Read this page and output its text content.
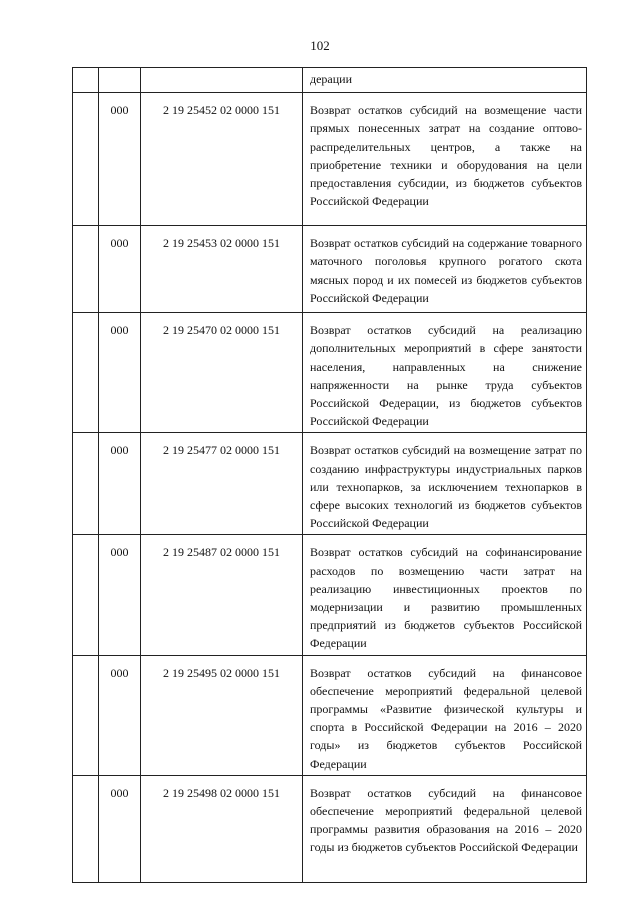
102

			дерации

	000	2 19 25452 02 0000 151	Возврат остатков субсидий на возмещение части прямых понесенных затрат на создание оптово-распределительных центров, а также на приобретение техники и оборудования на цели предоставления субсидии, из бюджетов субъектов Российской Федерации

	000	2 19 25453 02 0000 151	Возврат остатков субсидий на содержание товарного маточного поголовья крупного рогатого скота мясных пород и их помесей из бюджетов субъектов Российской Федерации

	000	2 19 25470 02 0000 151	Возврат остатков субсидий на реализацию дополнительных мероприятий в сфере занятости населения, направленных на снижение напряженности на рынке труда субъектов Российской Федерации, из бюджетов субъектов Российской Федерации

	000	2 19 25477 02 0000 151	Возврат остатков субсидий на возмещение затрат по созданию инфраструктуры индустриальных парков или технопарков, за исключением технопарков в сфере высоких технологий из бюджетов субъектов Российской Федерации

	000	2 19 25487 02 0000 151	Возврат остатков субсидий на софинансирование расходов по возмещению части затрат на реализацию инвестиционных проектов по модернизации и развитию промышленных предприятий из бюджетов субъектов Российской Федерации

	000	2 19 25495 02 0000 151	Возврат остатков субсидий на финансовое обеспечение мероприятий федеральной целевой программы «Развитие физической культуры и спорта в Российской Федерации на 2016 – 2020 годы» из бюджетов субъектов Российской Федерации

	000	2 19 25498 02 0000 151	Возврат остатков субсидий на финансовое обеспечение мероприятий федеральной целевой программы развития образования на 2016 – 2020 годы из бюджетов субъектов Российской Федерации
